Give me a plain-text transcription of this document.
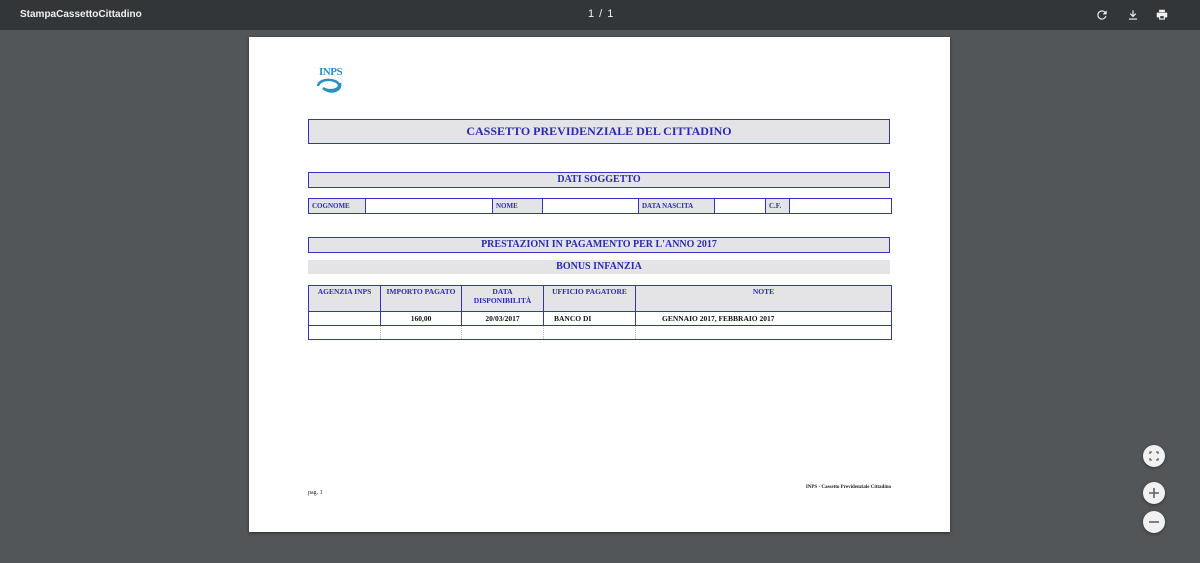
StampaCassettoCittadino	1 / 1
INPS
CASSETTO PREVIDENZIALE DEL CITTADINO
DATI SOGGETTO
COGNOME		NOME		DATA NASCITA		C.F.	
PRESTAZIONI IN PAGAMENTO PER L'ANNO 2017
BONUS INFANZIA
AGENZIA INPS	IMPORTO PAGATO	DATA DISPONIBILITÀ	UFFICIO PAGATORE	NOTE
	160,00	20/03/2017	BANCO DI	GENNAIO 2017, FEBBRAIO 2017

pag. 1
INPS - Cassetto Previdenziale Cittadino
